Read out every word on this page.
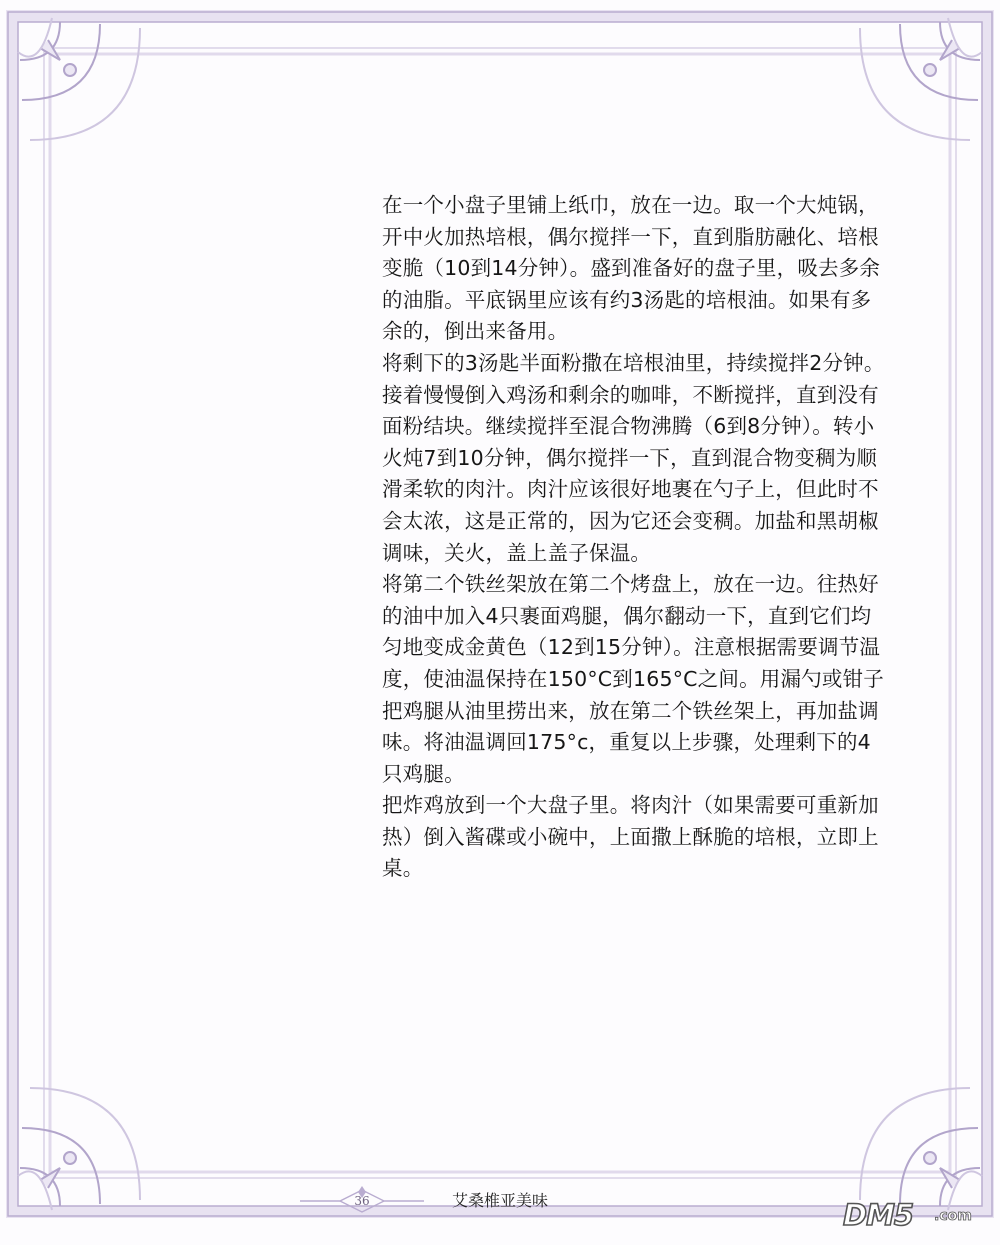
在一个小盘子里铺上纸巾，放在一边。取一个大炖锅，开中火加热培根，偶尔搅拌一下，直到脂肪融化、培根变脆（10到14分钟）。盛到准备好的盘子里，吸去多余的油脂。平底锅里应该有约3汤匙的培根油。如果有多余的，倒出来备用。

将剩下的3汤匙半面粉撒在培根油里，持续搅拌2分钟。接着慢慢倒入鸡汤和剩余的咖啡，不断搅拌，直到没有面粉结块。继续搅拌至混合物沸腾（6到8分钟）。转小火炖7到10分钟，偶尔搅拌一下，直到混合物变稠为顺滑柔软的肉汁。肉汁应该很好地裹在勺子上，但此时不会太浓，这是正常的，因为它还会变稠。加盐和黑胡椒调味，关火，盖上盖子保温。

将第二个铁丝架放在第二个烤盘上，放在一边。往热好的油中加入4只裹面鸡腿，偶尔翻动一下，直到它们均匀地变成金黄色（12到15分钟）。注意根据需要调节温度，使油温保持在150°C到165°C之间。用漏勺或钳子把鸡腿从油里捞出来，放在第二个铁丝架上，再加盐调味。将油温调回175°c，重复以上步骤，处理剩下的4只鸡腿。

把炸鸡放到一个大盘子里。将肉汁（如果需要可重新加热）倒入酱碟或小碗中，上面撒上酥脆的培根，立即上桌。

36	艾桑椎亚美味	DM5 .com
